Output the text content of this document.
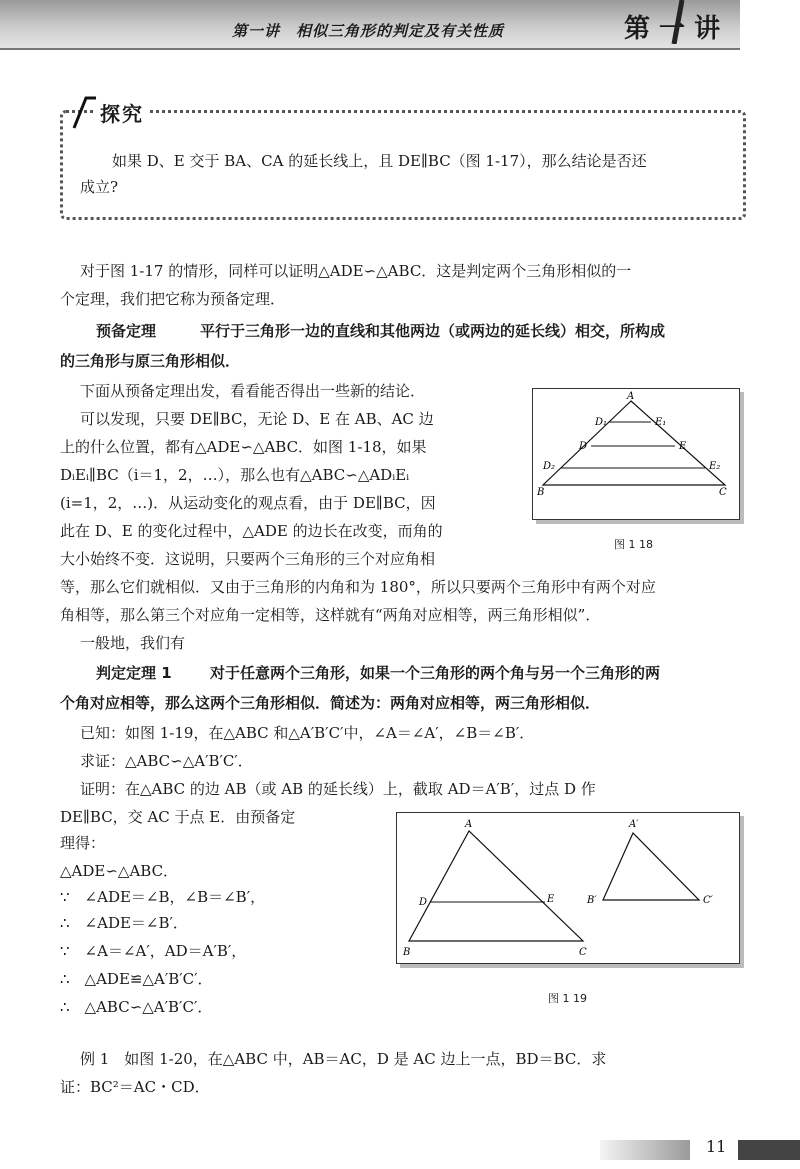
第一讲　相似三角形的判定及有关性质	第 一 讲
探究
如果 D、E 交于 BA、CA 的延长线上，且 DE∥BC（图 1-17），那么结论是否还
成立?
对于图 1-17 的情形，同样可以证明△ADE∽△ABC．这是判定两个三角形相似的一
个定理，我们把它称为预备定理．
预备定理	平行于三角形一边的直线和其他两边（或两边的延长线）相交，所构成
的三角形与原三角形相似．
下面从预备定理出发，看看能否得出一些新的结论．
可以发现，只要 DE∥BC，无论 D、E 在 AB、AC 边
上的什么位置，都有△ADE∽△ABC．如图 1-18，如果
DᵢEᵢ∥BC（i＝1，2，…），那么也有△ABC∽△ADᵢEᵢ
(i=1，2，…)．从运动变化的观点看，由于 DE∥BC，因
此在 D、E 的变化过程中，△ADE 的边长在改变，而角的
大小始终不变．这说明，只要两个三角形的三个对应角相
等，那么它们就相似．又由于三角形的内角和为 180°，所以只要两个三角形中有两个对应
角相等，那么第三个对应角一定相等，这样就有“两角对应相等，两三角形相似”．
一般地，我们有
判定定理 1	对于任意两个三角形，如果一个三角形的两个角与另一个三角形的两
个角对应相等，那么这两个三角形相似．简述为：两角对应相等，两三角形相似．
已知：如图 1-19，在△ABC 和△A′B′C′中，∠A＝∠A′，∠B＝∠B′．
求证：△ABC∽△A′B′C′．
证明：在△ABC 的边 AB（或 AB 的延长线）上，截取 AD＝A′B′，过点 D 作
DE∥BC，交 AC 于点 E．由预备定
理得：
△ADE∽△ABC．
∵　∠ADE＝∠B，∠B＝∠B′，
∴　∠ADE＝∠B′．
∵　∠A＝∠A′，AD＝A′B′，
∴　△ADE≌△A′B′C′．
∴　△ABC∽△A′B′C′．
例 1　如图 1-20，在△ABC 中，AB＝AC，D 是 AC 边上一点，BD＝BC．求
证：BC²＝AC・CD．
A
D₁	E₁
D	E
D₂	E₂
B	C
图 1 18
A
D	E
B	C
A′
B′	C′
图 1 19
11
